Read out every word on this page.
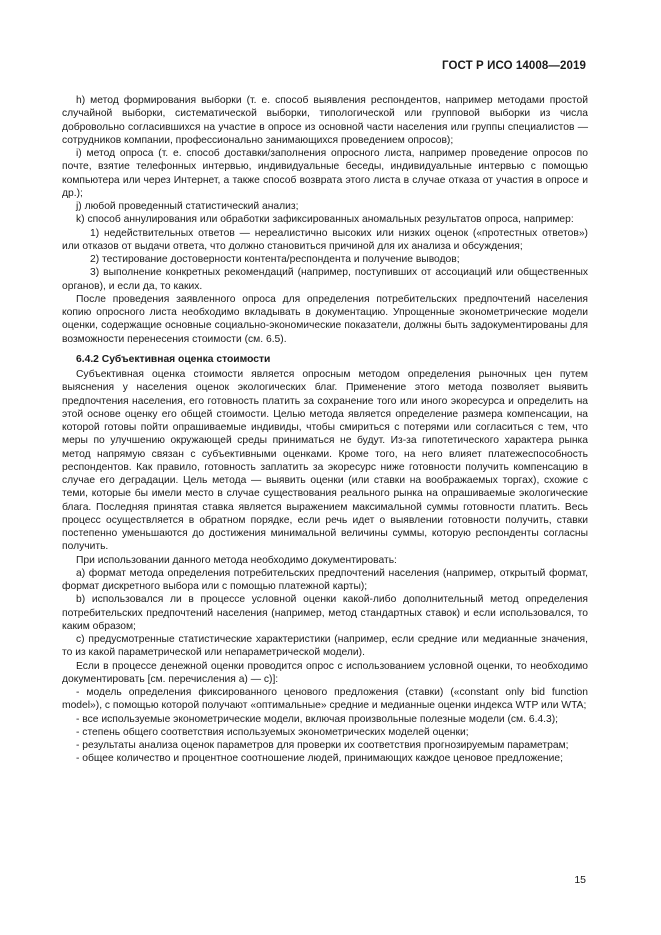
ГОСТ Р ИСО 14008—2019

h) метод формирования выборки (т. е. способ выявления респондентов, например методами простой случайной выборки, систематической выборки, типологической или групповой выборки из числа добровольно согласившихся на участие в опросе из основной части населения или группы специалистов — сотрудников компании, профессионально занимающихся проведением опросов);

i) метод опроса (т. е. способ доставки/заполнения опросного листа, например проведение опросов по почте, взятие телефонных интервью, индивидуальные беседы, индивидуальные интервью с помощью компьютера или через Интернет, а также способ возврата этого листа в случае отказа от участия в опросе и др.);

j) любой проведенный статистический анализ;

k) способ аннулирования или обработки зафиксированных аномальных результатов опроса, например:

1) недействительных ответов — нереалистично высоких или низких оценок («протестных ответов») или отказов от выдачи ответа, что должно становиться причиной для их анализа и обсуждения;

2) тестирование достоверности контента/респондента и получение выводов;

3) выполнение конкретных рекомендаций (например, поступивших от ассоциаций или общественных органов), и если да, то каких.

После проведения заявленного опроса для определения потребительских предпочтений населения копию опросного листа необходимо вкладывать в документацию. Упрощенные эконометрические модели оценки, содержащие основные социально-экономические показатели, должны быть задокументированы для возможности перенесения стоимости (см. 6.5).

6.4.2 Субъективная оценка стоимости

Субъективная оценка стоимости является опросным методом определения рыночных цен путем выяснения у населения оценок экологических благ. Применение этого метода позволяет выявить предпочтения населения, его готовность платить за сохранение того или иного экоресурса и определить на этой основе оценку его общей стоимости. Целью метода является определение размера компенсации, на которой готовы пойти опрашиваемые индивиды, чтобы смириться с потерями или согласиться с тем, что меры по улучшению окружающей среды приниматься не будут. Из-за гипотетического характера рынка метод напрямую связан с субъективными оценками. Кроме того, на него влияет платежеспособность респондентов. Как правило, готовность заплатить за экоресурс ниже готовности получить компенсацию в случае его деградации. Цель метода — выявить оценки (или ставки на воображаемых торгах), схожие с теми, которые бы имели место в случае существования реального рынка на опрашиваемые экологические блага. Последняя принятая ставка является выражением максимальной суммы готовности платить. Весь процесс осуществляется в обратном порядке, если речь идет о выявлении готовности получить, ставки постепенно уменьшаются до достижения минимальной величины суммы, которую респонденты согласны получить.

При использовании данного метода необходимо документировать:

a) формат метода определения потребительских предпочтений населения (например, открытый формат, формат дискретного выбора или с помощью платежной карты);

b) использовался ли в процессе условной оценки какой-либо дополнительный метод определения потребительских предпочтений населения (например, метод стандартных ставок) и если использовался, то каким образом;

c) предусмотренные статистические характеристики (например, если средние или медианные значения, то из какой параметрической или непараметрической модели).

Если в процессе денежной оценки проводится опрос с использованием условной оценки, то необходимо документировать [см. перечисления a) — c)]:

- модель определения фиксированного ценового предложения (ставки) («constant only bid function model»), с помощью которой получают «оптимальные» средние и медианные оценки индекса WTP или WTA;

- все используемые эконометрические модели, включая произвольные полезные модели (см. 6.4.3);

- степень общего соответствия используемых эконометрических моделей оценки;

- результаты анализа оценок параметров для проверки их соответствия прогнозируемым параметрам;

- общее количество и процентное соотношение людей, принимающих каждое ценовое предложение;

15
